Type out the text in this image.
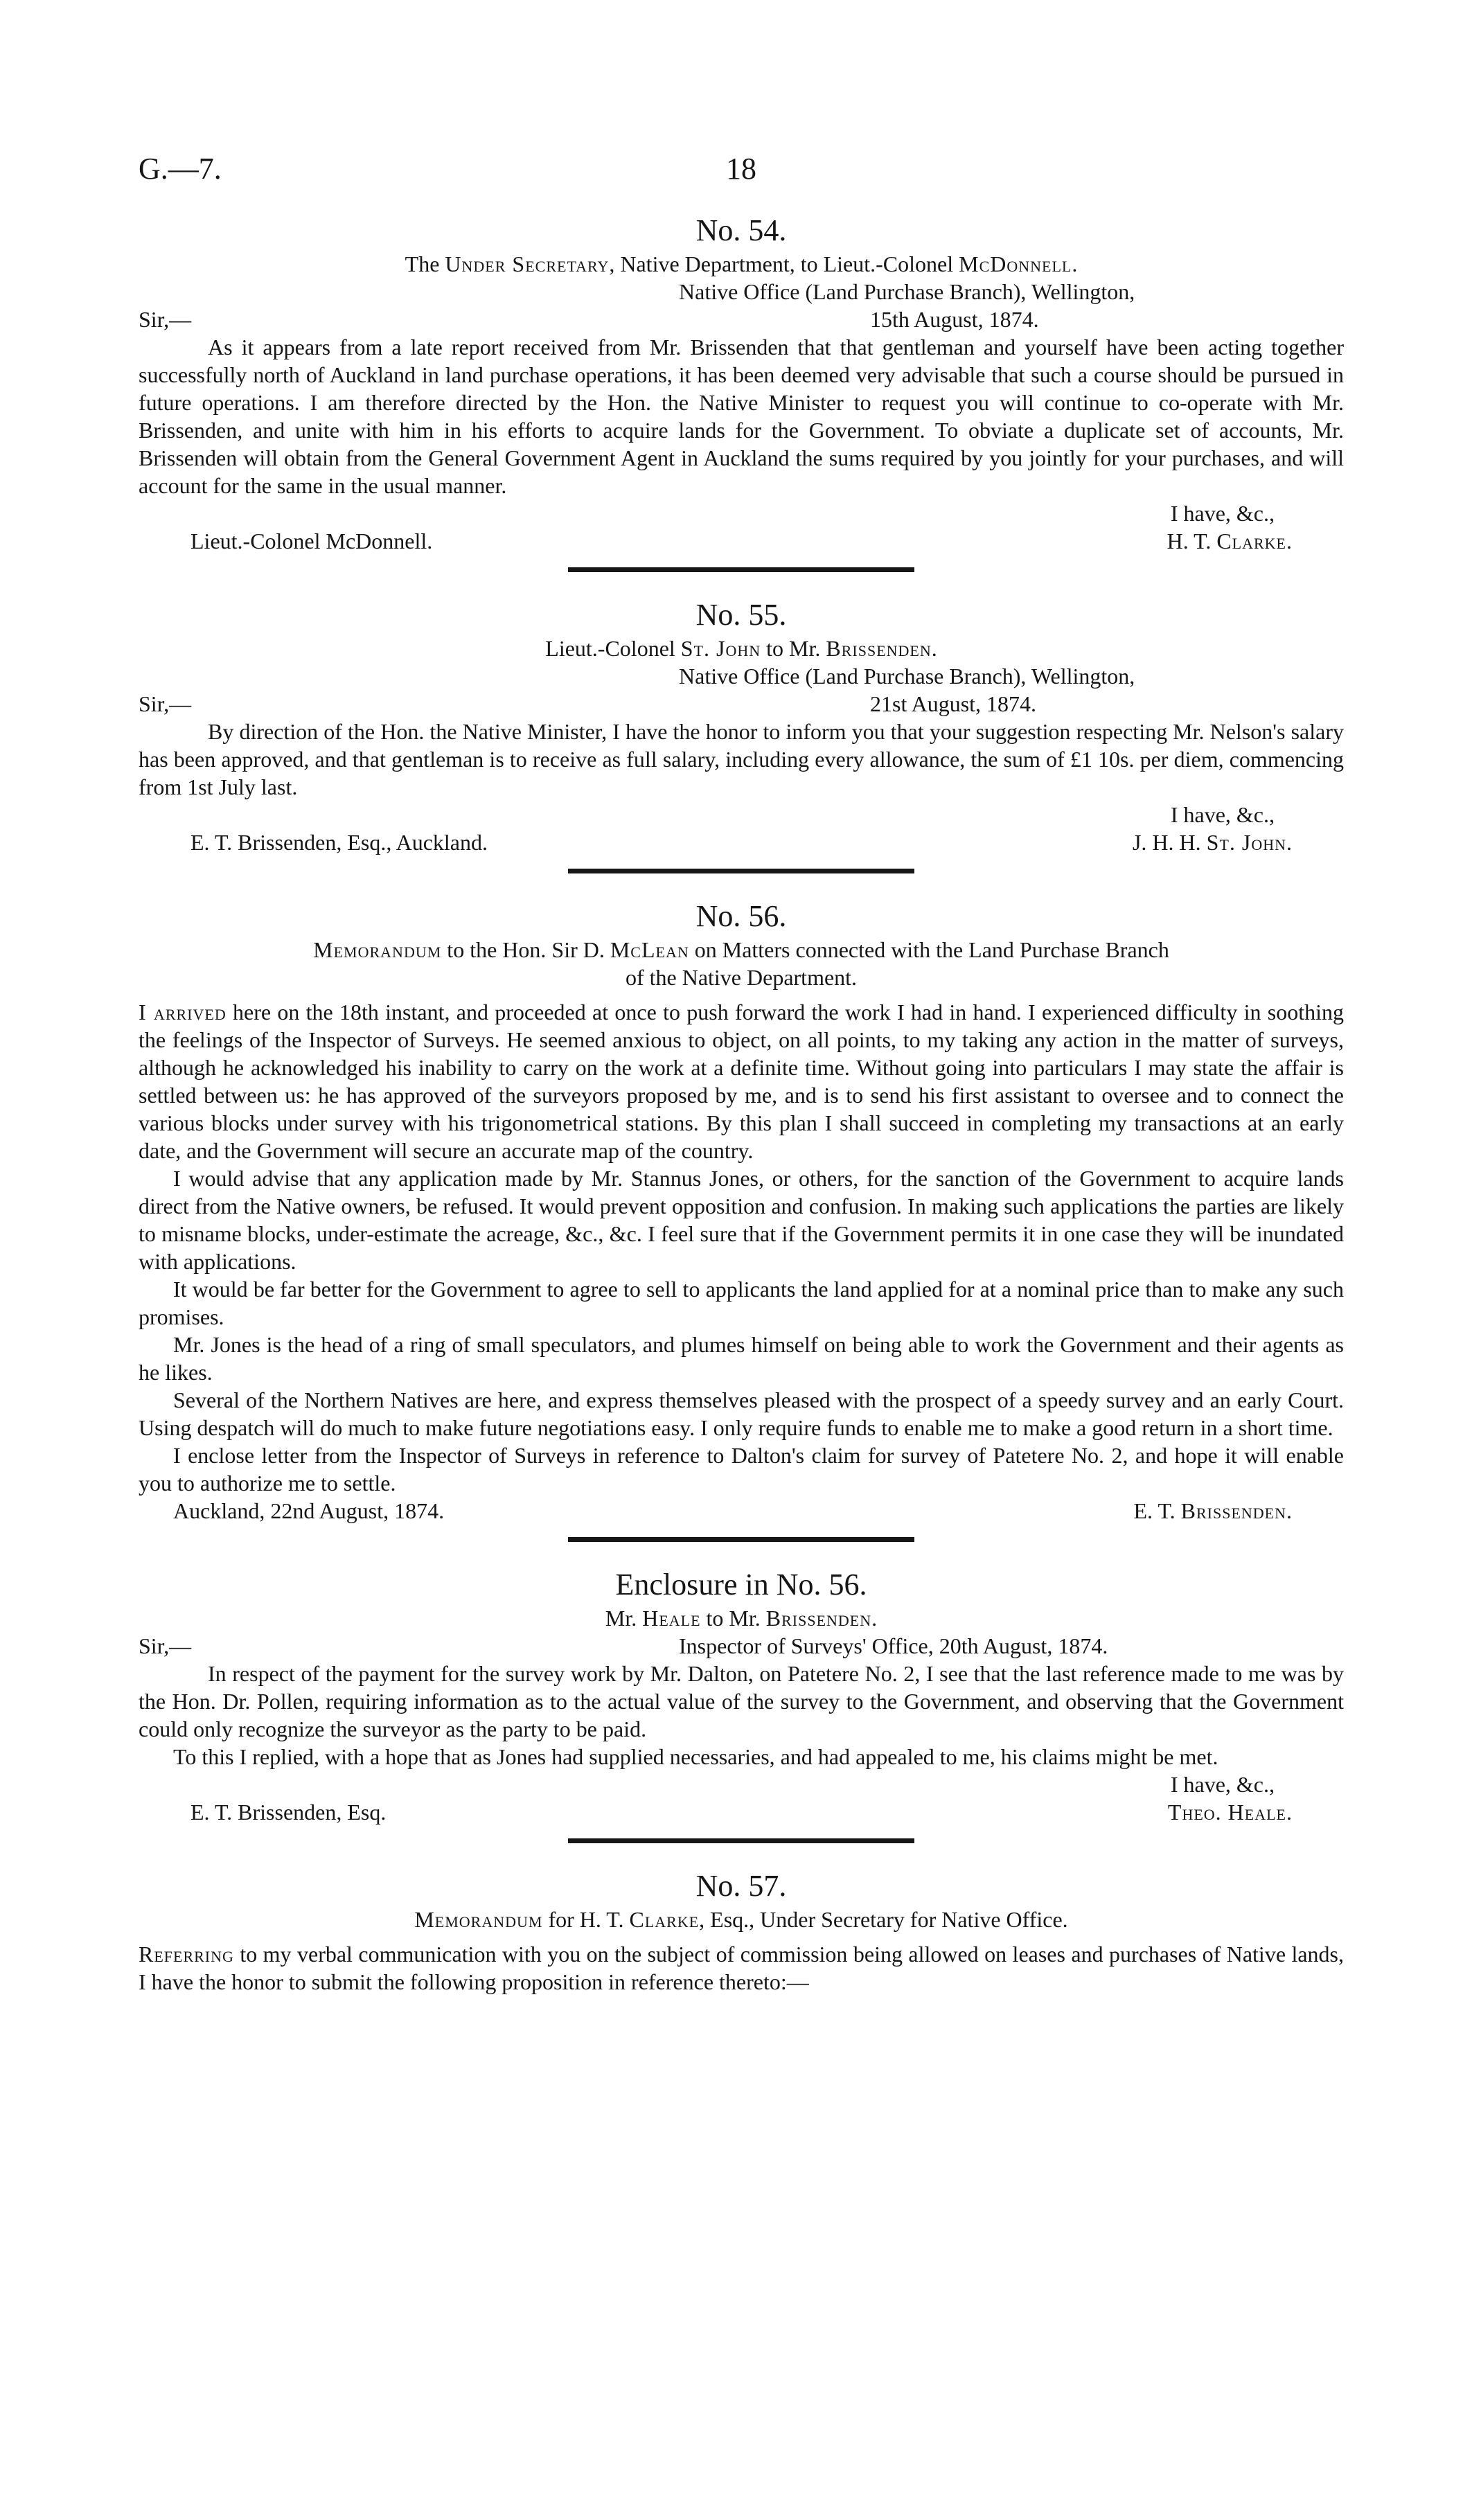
G.—7.	18

No. 54.

The Under Secretary, Native Department, to Lieut.-Colonel McDonnell.

Native Office (Land Purchase Branch), Wellington,
Sir,—	15th August, 1874.

As it appears from a late report received from Mr. Brissenden that that gentleman and yourself have been acting together successfully north of Auckland in land purchase operations, it has been deemed very advisable that such a course should be pursued in future operations. I am therefore directed by the Hon. the Native Minister to request you will continue to co-operate with Mr. Brissenden, and unite with him in his efforts to acquire lands for the Government. To obviate a duplicate set of accounts, Mr. Brissenden will obtain from the General Government Agent in Auckland the sums required by you jointly for your purchases, and will account for the same in the usual manner.

I have, &c.,
Lieut.-Colonel McDonnell.	H. T. Clarke.

No. 55.

Lieut.-Colonel St. John to Mr. Brissenden.

Native Office (Land Purchase Branch), Wellington,
Sir,—	21st August, 1874.

By direction of the Hon. the Native Minister, I have the honor to inform you that your suggestion respecting Mr. Nelson's salary has been approved, and that gentleman is to receive as full salary, including every allowance, the sum of £1 10s. per diem, commencing from 1st July last.

I have, &c.,
E. T. Brissenden, Esq., Auckland.	J. H. H. St. John.

No. 56.

Memorandum to the Hon. Sir D. McLean on Matters connected with the Land Purchase Branch

of the Native Department.

I arrived here on the 18th instant, and proceeded at once to push forward the work I had in hand. I experienced difficulty in soothing the feelings of the Inspector of Surveys. He seemed anxious to object, on all points, to my taking any action in the matter of surveys, although he acknowledged his inability to carry on the work at a definite time. Without going into particulars I may state the affair is settled between us: he has approved of the surveyors proposed by me, and is to send his first assistant to oversee and to connect the various blocks under survey with his trigonometrical stations. By this plan I shall succeed in completing my transactions at an early date, and the Government will secure an accurate map of the country.

I would advise that any application made by Mr. Stannus Jones, or others, for the sanction of the Government to acquire lands direct from the Native owners, be refused. It would prevent opposition and confusion. In making such applications the parties are likely to misname blocks, under-estimate the acreage, &c., &c. I feel sure that if the Government permits it in one case they will be inundated with applications.

It would be far better for the Government to agree to sell to applicants the land applied for at a nominal price than to make any such promises.

Mr. Jones is the head of a ring of small speculators, and plumes himself on being able to work the Government and their agents as he likes.

Several of the Northern Natives are here, and express themselves pleased with the prospect of a speedy survey and an early Court. Using despatch will do much to make future negotiations easy. I only require funds to enable me to make a good return in a short time.

I enclose letter from the Inspector of Surveys in reference to Dalton's claim for survey of Patetere No. 2, and hope it will enable you to authorize me to settle.

Auckland, 22nd August, 1874.	E. T. Brissenden.

Enclosure in No. 56.

Mr. Heale to Mr. Brissenden.

Sir,—	Inspector of Surveys' Office, 20th August, 1874.

In respect of the payment for the survey work by Mr. Dalton, on Patetere No. 2, I see that the last reference made to me was by the Hon. Dr. Pollen, requiring information as to the actual value of the survey to the Government, and observing that the Government could only recognize the surveyor as the party to be paid.

To this I replied, with a hope that as Jones had supplied necessaries, and had appealed to me, his claims might be met.

I have, &c.,
E. T. Brissenden, Esq.	Theo. Heale.

No. 57.

Memorandum for H. T. Clarke, Esq., Under Secretary for Native Office.

Referring to my verbal communication with you on the subject of commission being allowed on leases and purchases of Native lands, I have the honor to submit the following proposition in reference thereto:—
